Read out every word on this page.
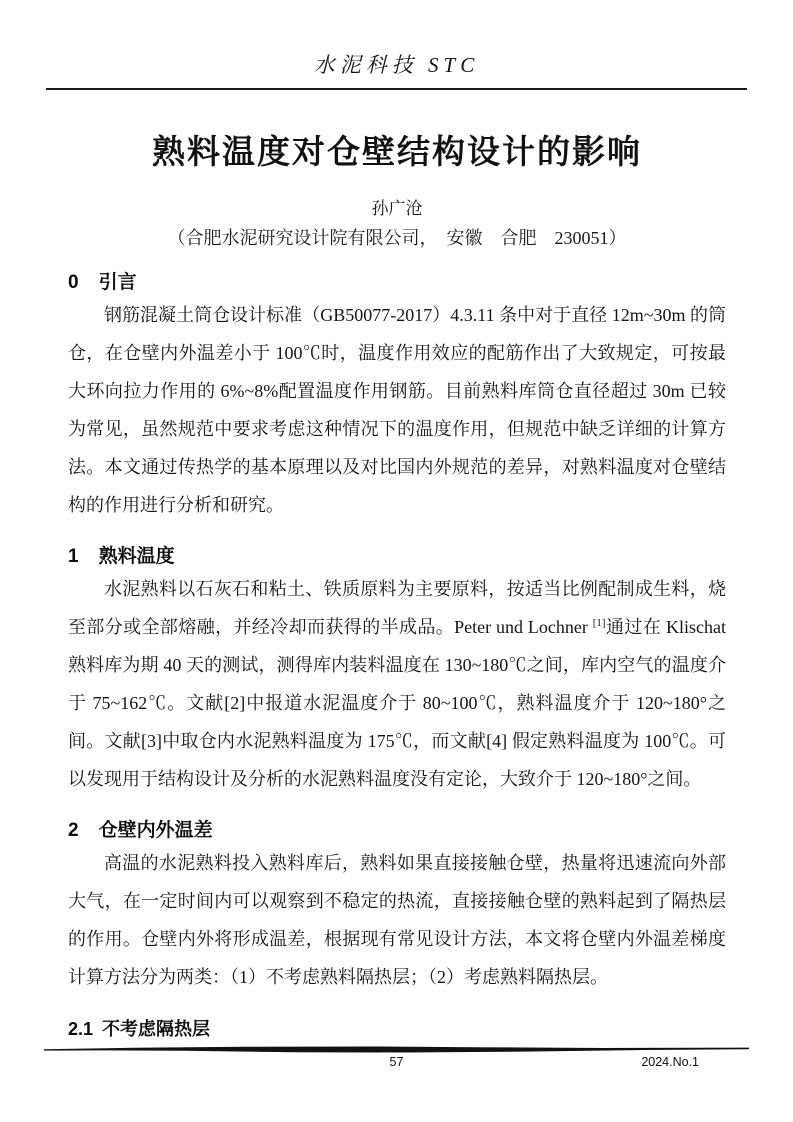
水泥科技 STC
熟料温度对仓壁结构设计的影响
孙广沧
（合肥水泥研究设计院有限公司，　安徽　合肥　230051）
0 引言

钢筋混凝土筒仓设计标准（GB50077-2017）4.3.11 条中对于直径 12m~30m 的筒仓，在仓壁内外温差小于 100℃时，温度作用效应的配筋作出了大致规定，可按最大环向拉力作用的 6%~8%配置温度作用钢筋。目前熟料库筒仓直径超过 30m 已较为常见，虽然规范中要求考虑这种情况下的温度作用，但规范中缺乏详细的计算方法。本文通过传热学的基本原理以及对比国内外规范的差异，对熟料温度对仓壁结构的作用进行分析和研究。

1 熟料温度

水泥熟料以石灰石和粘土、铁质原料为主要原料，按适当比例配制成生料，烧至部分或全部熔融，并经冷却而获得的半成品。Peter und Lochner [1]通过在 Klischat 熟料库为期 40 天的测试，测得库内装料温度在 130~180℃之间，库内空气的温度介于 75~162℃。文献[2]中报道水泥温度介于 80~100℃，熟料温度介于 120~180°之间。文献[3]中取仓内水泥熟料温度为 175℃，而文献[4] 假定熟料温度为 100℃。可以发现用于结构设计及分析的水泥熟料温度没有定论，大致介于 120~180°之间。

2 仓壁内外温差

高温的水泥熟料投入熟料库后，熟料如果直接接触仓壁，热量将迅速流向外部大气，在一定时间内可以观察到不稳定的热流，直接接触仓壁的熟料起到了隔热层的作用。仓壁内外将形成温差，根据现有常见设计方法，本文将仓壁内外温差梯度计算方法分为两类：（1）不考虑熟料隔热层；（2）考虑熟料隔热层。

2.1 不考虑隔热层
57	2024.No.1
